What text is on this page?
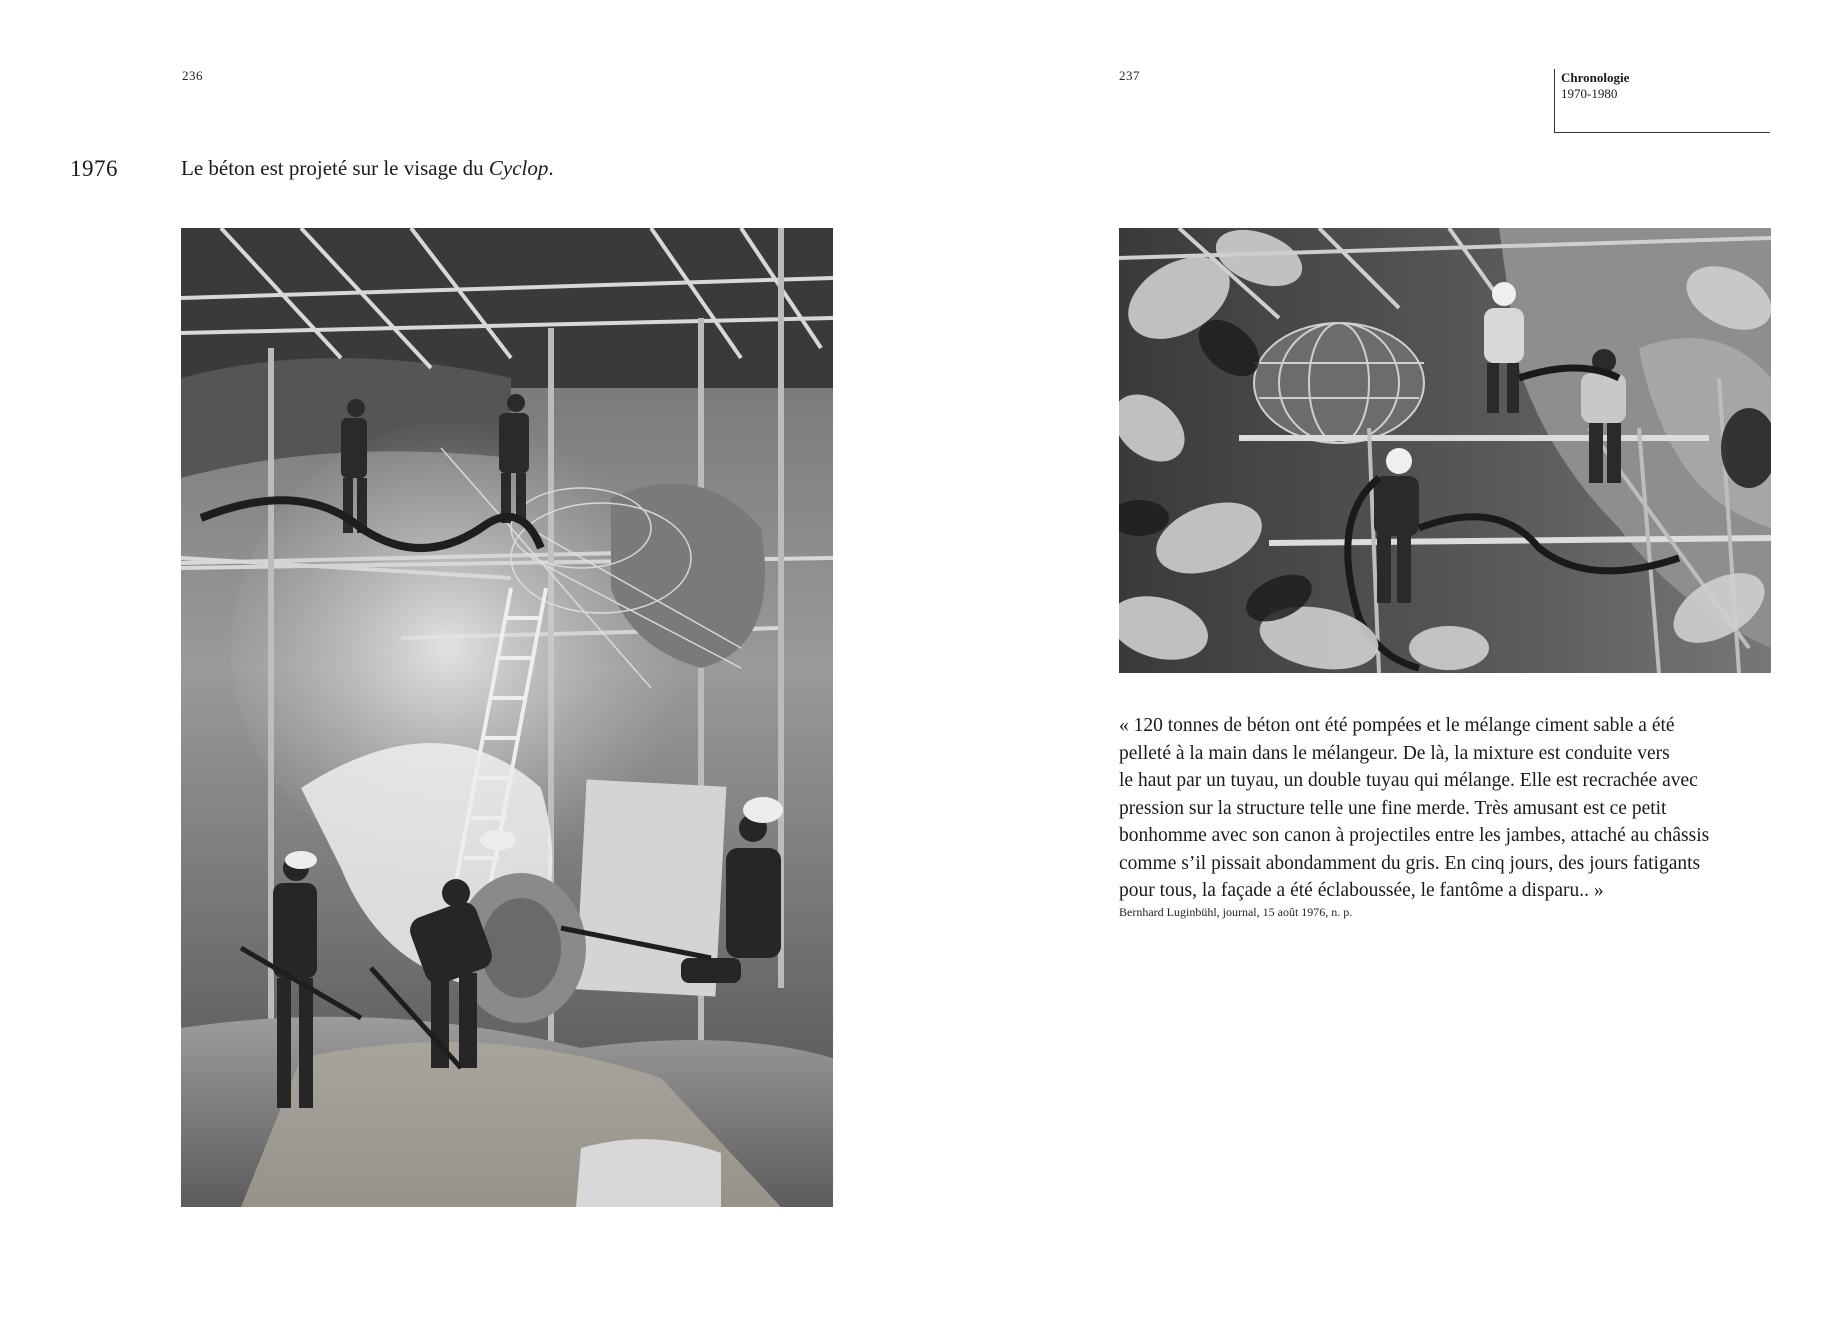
236
1976	Le béton est projeté sur le visage du Cyclop.
237	Chronologie
1970-1980

« 120 tonnes de béton ont été pompées et le mélange ciment sable a été
pelleté à la main dans le mélangeur. De là, la mixture est conduite vers
le haut par un tuyau, un double tuyau qui mélange. Elle est recrachée avec
pression sur la structure telle une fine merde. Très amusant est ce petit
bonhomme avec son canon à projectiles entre les jambes, attaché au châssis
comme s’il pissait abondamment du gris. En cinq jours, des jours fatigants
pour tous, la façade a été éclaboussée, le fantôme a disparu.. »

Bernhard Luginbühl, journal, 15 août 1976, n. p.
